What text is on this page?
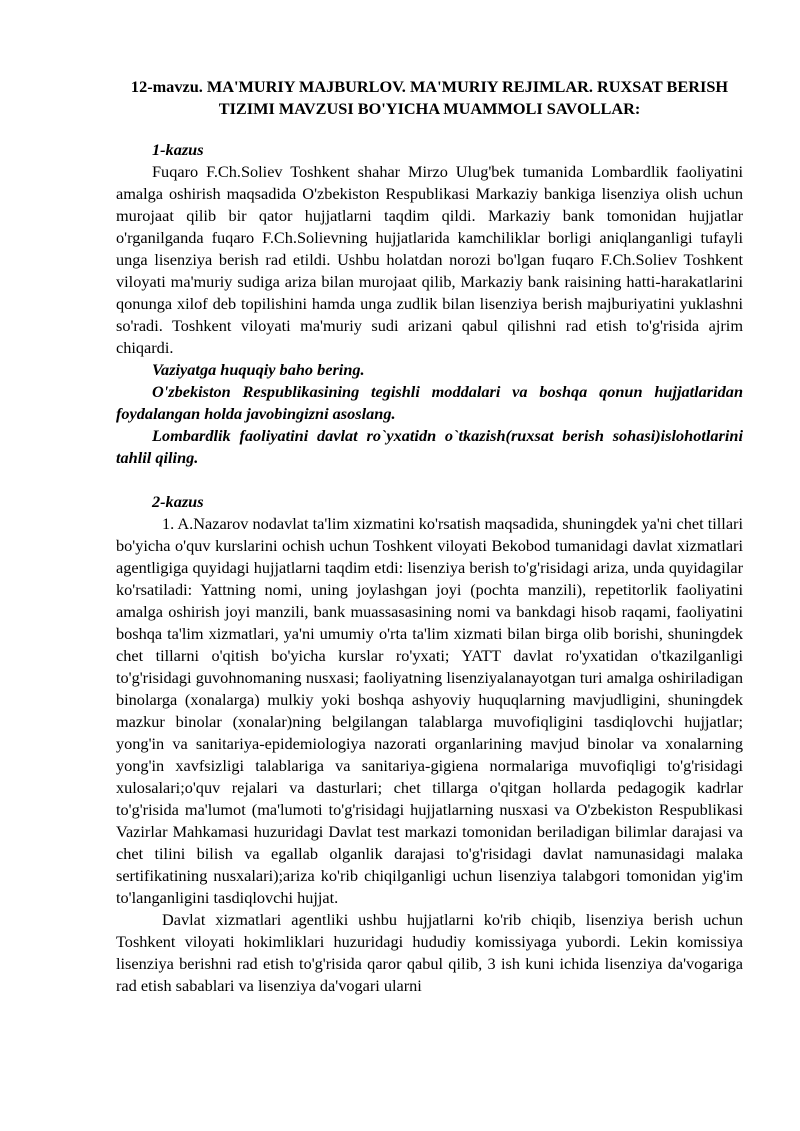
12-mavzu. MA'MURIY MAJBURLOV. MA'MURIY REJIMLAR. RUXSAT BERISH TIZIMI MAVZUSI BO'YICHA MUAMMOLI SAVOLLAR:

1-kazus

Fuqaro F.Ch.Soliev Toshkent shahar Mirzo Ulug'bek tumanida Lombardlik faoliyatini amalga oshirish maqsadida O'zbekiston Respublikasi Markaziy bankiga lisenziya olish uchun murojaat qilib bir qator hujjatlarni taqdim qildi. Markaziy bank tomonidan hujjatlar o'rganilganda fuqaro F.Ch.Solievning hujjatlarida kamchiliklar borligi aniqlanganligi tufayli unga lisenziya berish rad etildi. Ushbu holatdan norozi bo'lgan fuqaro F.Ch.Soliev Toshkent viloyati ma'muriy sudiga ariza bilan murojaat qilib, Markaziy bank raisining hatti-harakatlarini qonunga xilof deb topilishini hamda unga zudlik bilan lisenziya berish majburiyatini yuklashni so'radi. Toshkent viloyati ma'muriy sudi arizani qabul qilishni rad etish to'g'risida ajrim chiqardi.

Vaziyatga huquqiy baho bering.

O'zbekiston Respublikasining tegishli moddalari va boshqa qonun hujjatlaridan foydalangan holda javobingizni asoslang.

Lombardlik faoliyatini davlat ro`yxatidn o`tkazish(ruxsat berish sohasi)islohotlarini tahlil qiling.

2-kazus

1. A.Nazarov nodavlat ta'lim xizmatini ko'rsatish maqsadida, shuningdek ya'ni chet tillari bo'yicha o'quv kurslarini ochish uchun Toshkent viloyati Bekobod tumanidagi davlat xizmatlari agentligiga quyidagi hujjatlarni taqdim etdi: lisenziya berish to'g'risidagi ariza, unda quyidagilar ko'rsatiladi: Yattning nomi, uning joylashgan joyi (pochta manzili), repetitorlik faoliyatini amalga oshirish joyi manzili, bank muassasasining nomi va bankdagi hisob raqami, faoliyatini boshqa ta'lim xizmatlari, ya'ni umumiy o'rta ta'lim xizmati bilan birga olib borishi, shuningdek chet tillarni o'qitish bo'yicha kurslar ro'yxati; YATT davlat ro'yxatidan o'tkazilganligi to'g'risidagi guvohnomaning nusxasi; faoliyatning lisenziyalanayotgan turi amalga oshiriladigan binolarga (xonalarga) mulkiy yoki boshqa ashyoviy huquqlarning mavjudligini, shuningdek mazkur binolar (xonalar)ning belgilangan talablarga muvofiqligini tasdiqlovchi hujjatlar; yong'in va sanitariya-epidemiologiya nazorati organlarining mavjud binolar va xonalarning yong'in xavfsizligi talablariga va sanitariya-gigiena normalariga muvofiqligi to'g'risidagi xulosalari;o'quv rejalari va dasturlari; chet tillarga o'qitgan hollarda pedagogik kadrlar to'g'risida ma'lumot (ma'lumoti to'g'risidagi hujjatlarning nusxasi va O'zbekiston Respublikasi Vazirlar Mahkamasi huzuridagi Davlat test markazi tomonidan beriladigan bilimlar darajasi va chet tilini bilish va egallab olganlik darajasi to'g'risidagi davlat namunasidagi malaka sertifikatining nusxalari);ariza ko'rib chiqilganligi uchun lisenziya talabgori tomonidan yig'im to'langanligini tasdiqlovchi hujjat.

Davlat xizmatlari agentliki ushbu hujjatlarni ko'rib chiqib, lisenziya berish uchun Toshkent viloyati hokimliklari huzuridagi hududiy komissiyaga yubordi. Lekin komissiya lisenziya berishni rad etish to'g'risida qaror qabul qilib, 3 ish kuni ichida lisenziya da'vogariga rad etish sabablari va lisenziya da'vogari ularni
